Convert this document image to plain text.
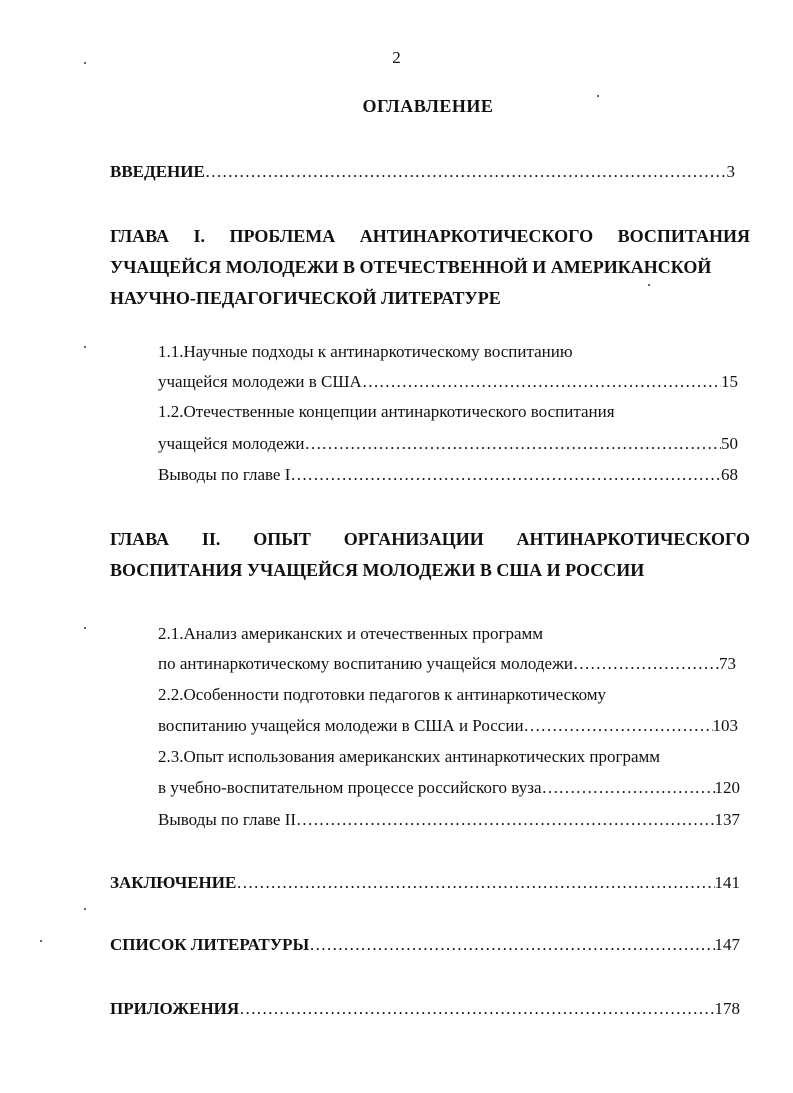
2
ОГЛАВЛЕНИЕ
ВВЕДЕНИЕ ……………………………………………………………………………………………………………………………………………………	3
ГЛАВА I. ПРОБЛЕМА АНТИНАРКОТИЧЕСКОГО ВОСПИТАНИЯ
УЧАЩЕЙСЯ МОЛОДЕЖИ В ОТЕЧЕСТВЕННОЙ И АМЕРИКАНСКОЙ
НАУЧНО-ПЕДАГОГИЧЕСКОЙ ЛИТЕРАТУРЕ
1.1.Научные подходы к антинаркотическому воспитанию
учащейся молодежи в США ……………………………………………………………………………………………………………………………………………………	15
1.2.Отечественные концепции антинаркотического воспитания
учащейся молодежи ……………………………………………………………………………………………………………………………………………………	50
Выводы по главе I ……………………………………………………………………………………………………………………………………………………	68
ГЛАВА II. ОПЫТ ОРГАНИЗАЦИИ АНТИНАРКОТИЧЕСКОГО
ВОСПИТАНИЯ УЧАЩЕЙСЯ МОЛОДЕЖИ В США И РОССИИ
2.1.Анализ американских и отечественных программ
по антинаркотическому воспитанию учащейся молодежи ……………………………………………………………………………………………………………………………………………………	73
2.2.Особенности подготовки педагогов к антинаркотическому
воспитанию учащейся молодежи в США и России ……………………………………………………………………………………………………………………………………………………	103
2.3.Опыт использования американских антинаркотических программ
в учебно-воспитательном процессе российского вуза ……………………………………………………………………………………………………………………………………………………	120
Выводы по главе II ……………………………………………………………………………………………………………………………………………………	137
ЗАКЛЮЧЕНИЕ ……………………………………………………………………………………………………………………………………………………	141
СПИСОК ЛИТЕРАТУРЫ ……………………………………………………………………………………………………………………………………………………	147
ПРИЛОЖЕНИЯ ……………………………………………………………………………………………………………………………………………………	178
